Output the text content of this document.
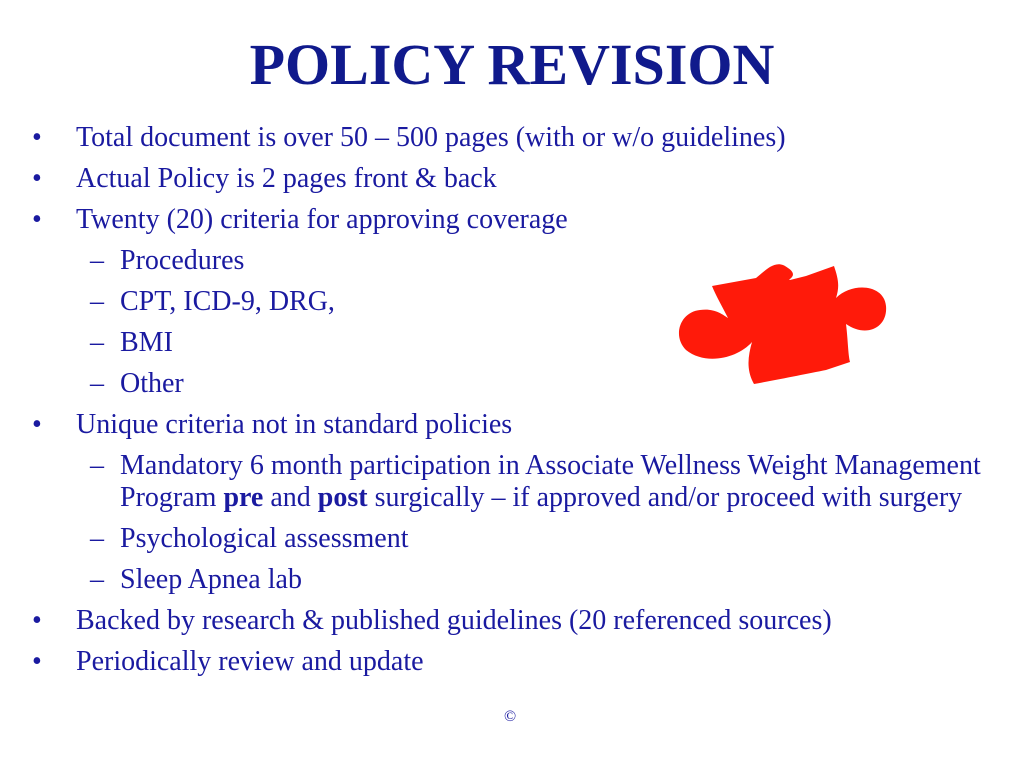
POLICY REVISION
•	Total document is over 50 – 500 pages (with or w/o guidelines)
•	Actual Policy is 2 pages front & back
•	Twenty (20) criteria for approving coverage
– Procedures
– CPT, ICD-9, DRG,
– BMI
– Other
•	Unique criteria not in standard policies
– Mandatory 6 month participation in Associate Wellness Weight Management Program pre and post surgically – if approved and/or proceed with surgery
– Psychological assessment
– Sleep Apnea lab
•	Backed by research & published guidelines (20 referenced sources)
•	Periodically review and update
©
